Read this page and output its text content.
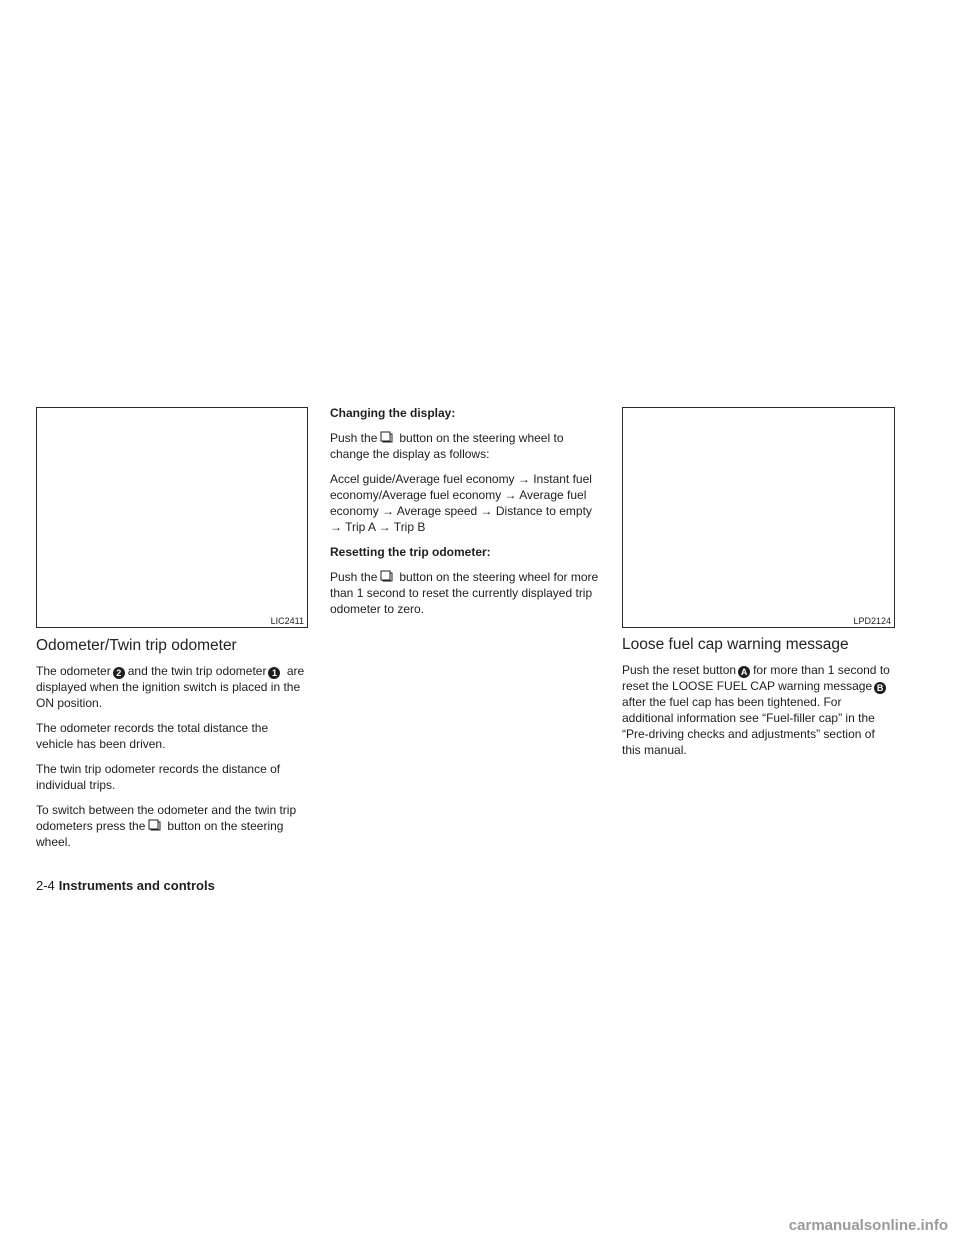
LIC2411	LPD2124
Odometer/Twin trip odometer

The odometer 2 and the twin trip odometer 1 are displayed when the ignition switch is placed in the ON position.

The odometer records the total distance the vehicle has been driven.

The twin trip odometer records the distance of individual trips.

To switch between the odometer and the twin trip odometers press the button on the steering wheel.

Changing the display:

Push the button on the steering wheel to change the display as follows:

Accel guide/Average fuel economy → Instant fuel economy/Average fuel economy → Average fuel economy → Average speed → Distance to empty → Trip A → Trip B

Resetting the trip odometer:

Push the button on the steering wheel for more than 1 second to reset the currently displayed trip odometer to zero.

Loose fuel cap warning message

Push the reset button A for more than 1 second to reset the LOOSE FUEL CAP warning message Bafter the fuel cap has been tightened. For additional information see “Fuel-filler cap” in the “Pre-driving checks and adjustments” section of this manual.

2-4 Instruments and controls
carmanualsonline.info
